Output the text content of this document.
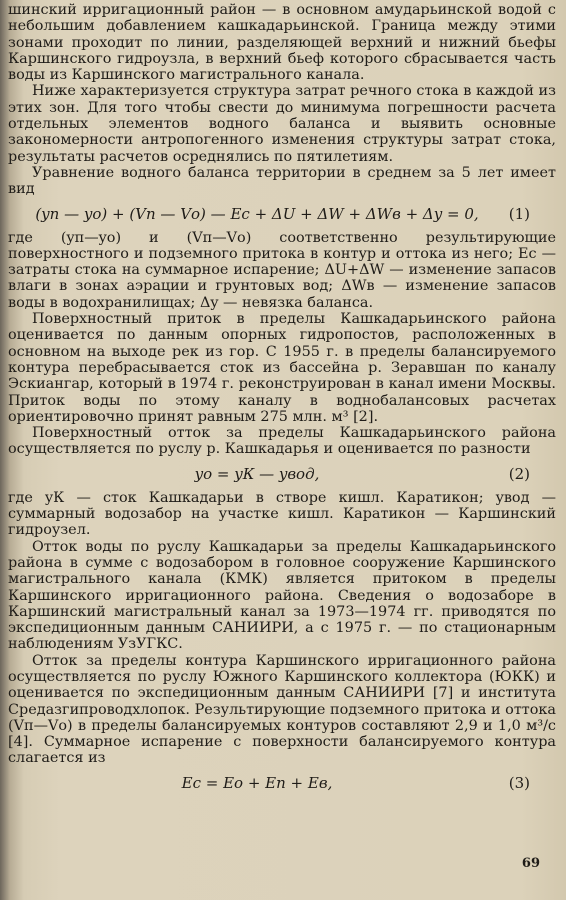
шинский ирригационный район — в основном амударьинской водой с небольшим добавлением кашкадарьинской. Граница между этими зонами проходит по линии, разделяющей верхний и нижний бьефы Каршинского гидроузла, в верхний бьеф которого сбрасывается часть воды из Каршинского магистрального канала.

Ниже характеризуется структура затрат речного стока в каждой из этих зон. Для того чтобы свести до минимума погрешности расчета отдельных элементов водного баланса и выявить основные закономерности антропогенного изменения структуры затрат стока, результаты расчетов осреднялись по пятилетиям.

Уравнение водного баланса территории в среднем за 5 лет имеет вид

(yп — yо) + (Vп — Vо) — Eс + ΔU + ΔW + ΔWв + Δy = 0,	(1)

где (yп—yо) и (Vп—Vо) соответственно результирующие поверхностного и подземного притока в контур и оттока из него; Eс — затраты стока на суммарное испарение; ΔU+ΔW — изменение запасов влаги в зонах аэрации и грунтовых вод; ΔWв — изменение запасов воды в водохранилищах; Δy — невязка баланса.

Поверхностный приток в пределы Кашкадарьинского района оценивается по данным опорных гидропостов, расположенных в основном на выходе рек из гор. С 1955 г. в пределы балансируемого контура перебрасывается сток из бассейна р. Зеравшан по каналу Эскиангар, который в 1974 г. реконструирован в канал имени Москвы. Приток воды по этому каналу в воднобалансовых расчетах ориентировочно принят равным 275 млн. м³ [2].

Поверхностный отток за пределы Кашкадарьинского района осуществляется по руслу р. Кашкадарья и оценивается по разности

yо = yК — yвод,	(2)

где yК — сток Кашкадарьи в створе кишл. Каратикон; yвод — суммарный водозабор на участке кишл. Каратикон — Каршинский гидроузел.

Отток воды по руслу Кашкадарьи за пределы Кашкадарьинского района в сумме с водозабором в головное сооружение Каршинского магистрального канала (КМК) является притоком в пределы Каршинского ирригационного района. Сведения о водозаборе в Каршинский магистральный канал за 1973—1974 гг. приводятся по экспедиционным данным САНИИРИ, а с 1975 г. — по стационарным наблюдениям УзУГКС.

Отток за пределы контура Каршинского ирригационного района осуществляется по руслу Южного Каршинского коллектора (ЮКК) и оценивается по экспедиционным данным САНИИРИ [7] и института Средазгипроводхлопок. Результирующие подземного притока и оттока (Vп—Vо) в пределы балансируемых контуров составляют 2,9 и 1,0 м³/с [4]. Суммарное испарение с поверхности балансируемого контура слагается из

Eс = Eо + Eп + Eв,	(3)
69
